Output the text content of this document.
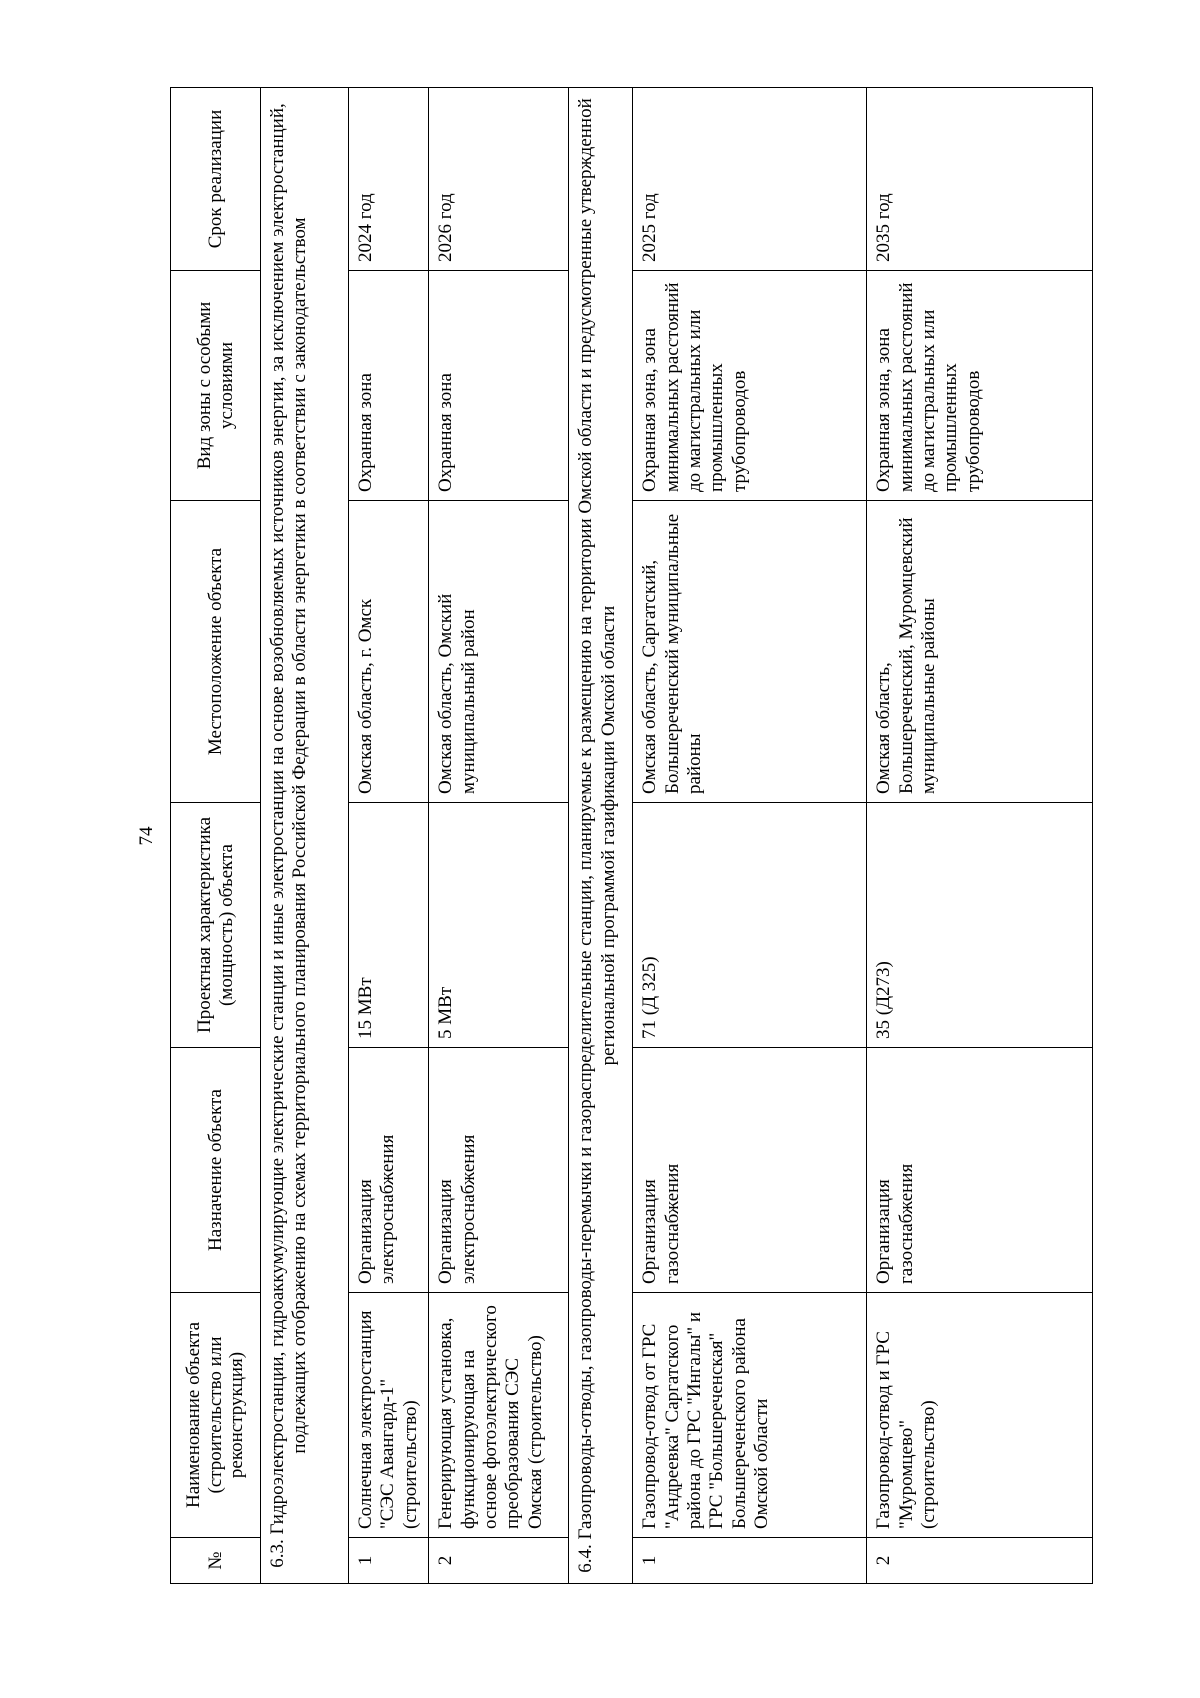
74
№	Наименование объекта (строительство или реконструкция)	Назначение объекта	Проектная характеристика (мощность) объекта	Местоположение объекта	Вид зоны с особыми условиями	Срок реализации
6.3. Гидроэлектростанции, гидроаккумулирующие электрические станции и иные электростанции на основе возобновляемых источников энергии, за исключением электростанций, подлежащих отображению на схемах территориального планирования Российской Федерации в области энергетики в соответствии с законодательством						
1	Солнечная электростанция "СЭС Авангард-1" (строительство)	Организация электроснабжения	15 МВт	Омская область, г. Омск	Охранная зона	2024 год
2	Генерирующая установка, функционирующая на основе фотоэлектрического преобразования СЭС Омская (строительство)	Организация электроснабжения	5 МВт	Омская область, Омский муниципальный район	Охранная зона	2026 год
6.4. Газопроводы-отводы, газопроводы-перемычки и газораспределительные станции, планируемые к размещению на территории Омской области и предусмотренные утвержденной региональной программой газификации Омской области						
1	Газопровод-отвод от ГРС "Андреевка" Саргатского района до ГРС "Ингалы" и ГРС "Большереченская" Большереченского района Омской области	Организация газоснабжения	71 (Д 325)	Омская область, Саргатский, Большереченский муниципальные районы	Охранная зона, зона минимальных расстояний до магистральных или промышленных трубопроводов	2025 год
2	Газопровод-отвод и ГРС "Муромцево" (строительство)	Организация газоснабжения	35 (Д273)	Омская область, Большереченский, Муромцевский муниципальные районы	Охранная зона, зона минимальных расстояний до магистральных или промышленных трубопроводов	2035 год
